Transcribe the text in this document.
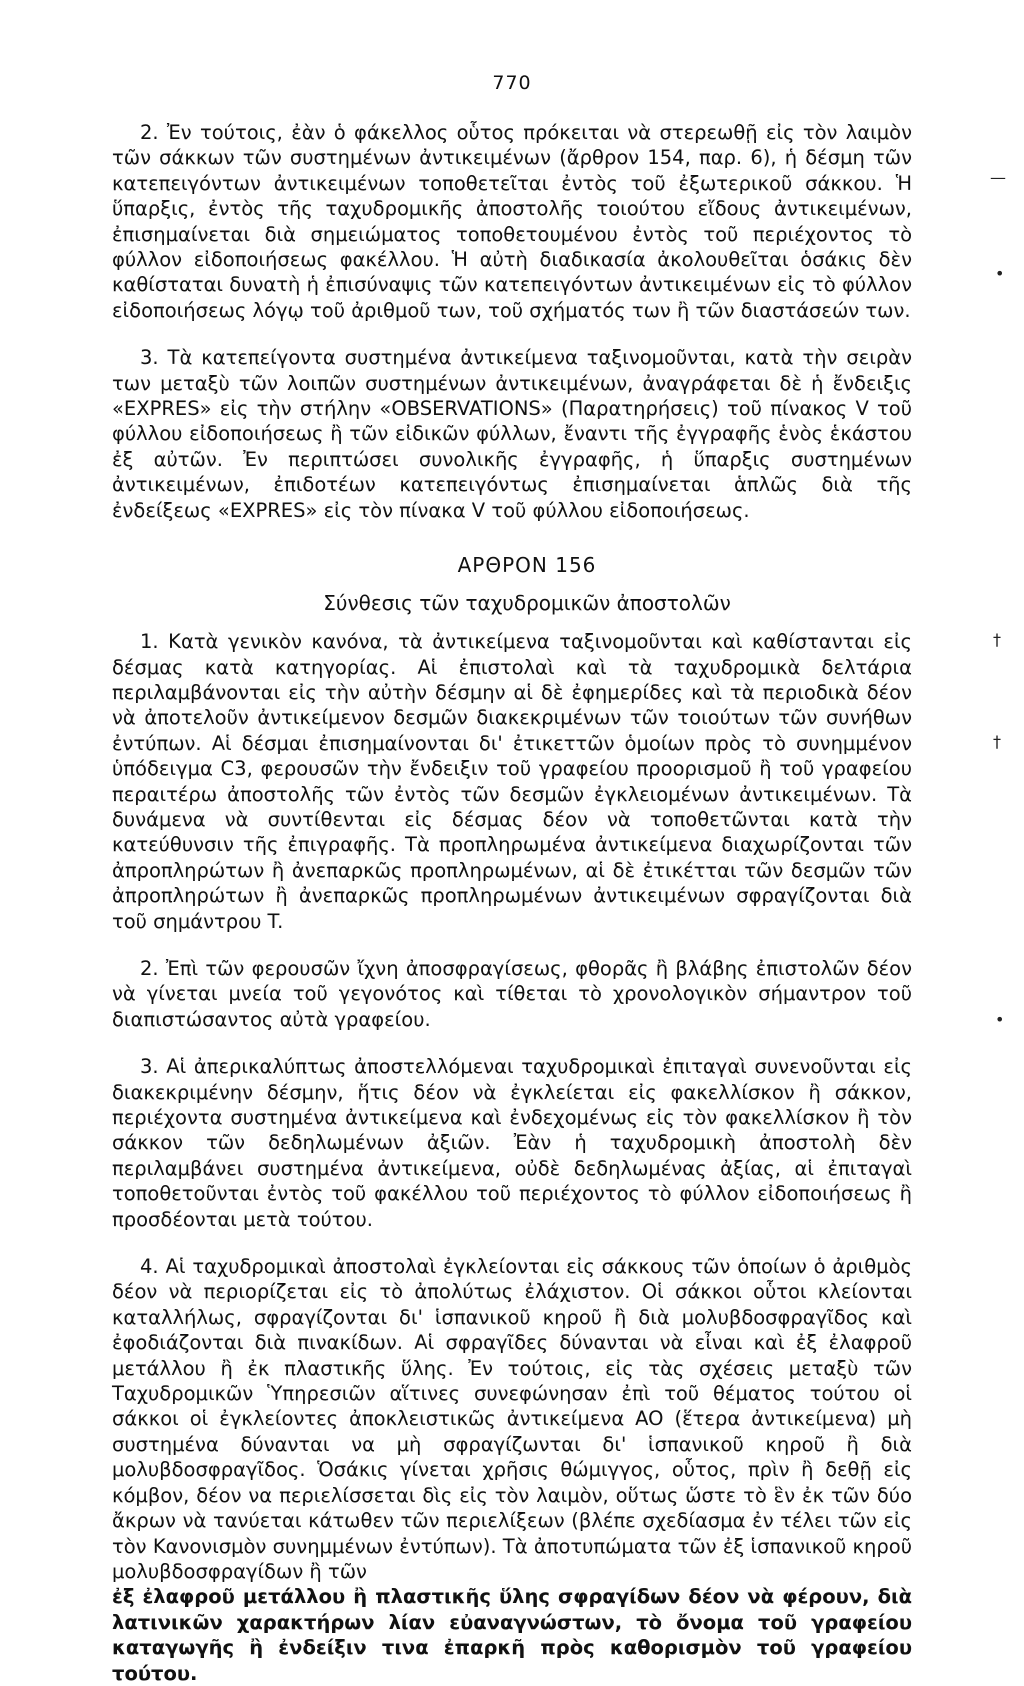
770

2. Ἐν τούτοις, ἐὰν ὁ φάκελλος οὗτος πρόκειται νὰ στερεωθῇ εἰς τὸν λαιμὸν τῶν σάκκων τῶν συστημένων ἀντικειμένων (ἄρθρον 154, παρ. 6), ἡ δέσμη τῶν κατεπειγόντων ἀντικειμένων τοποθετεῖται ἐντὸς τοῦ ἐξωτερικοῦ σάκκου. Ἡ ὕπαρξις, ἐντὸς τῆς ταχυδρομικῆς ἀποστολῆς τοιούτου εἴδους ἀντικειμένων, ἐπισημαίνεται διὰ σημειώματος τοποθετουμένου ἐντὸς τοῦ περιέχοντος τὸ φύλλον εἰδοποιήσεως φακέλλου. Ἡ αὐτὴ διαδικασία ἀκολουθεῖται ὁσάκις δὲν καθίσταται δυνατὴ ἡ ἐπισύναψις τῶν κατεπειγόντων ἀντικειμένων εἰς τὸ φύλλον εἰδοποιήσεως λόγῳ τοῦ ἀριθμοῦ των, τοῦ σχήματός των ἢ τῶν διαστάσεών των.

3. Τὰ κατεπείγοντα συστημένα ἀντικείμενα ταξινομοῦνται, κατὰ τὴν σειρὰν των μεταξὺ τῶν λοιπῶν συστημένων ἀντικειμένων, ἀναγράφεται δὲ ἡ ἔνδειξις «EXPRES» εἰς τὴν στήλην «OBSERVATIONS» (Παρατηρήσεις) τοῦ πίνακος V τοῦ φύλλου εἰδοποιήσεως ἢ τῶν εἰδικῶν φύλλων, ἔναντι τῆς ἐγγραφῆς ἑνὸς ἑκάστου ἐξ αὐτῶν. Ἐν περιπτώσει συνολικῆς ἐγγραφῆς, ἡ ὕπαρξις συστημένων ἀντικειμένων, ἐπιδοτέων κατεπειγόντως ἐπισημαίνεται ἁπλῶς διὰ τῆς ἐνδείξεως «EXPRES» εἰς τὸν πίνακα V τοῦ φύλλου εἰδοποιήσεως.

ΑΡΘΡΟΝ 156
Σύνθεσις τῶν ταχυδρομικῶν ἀποστολῶν

1. Κατὰ γενικὸν κανόνα, τὰ ἀντικείμενα ταξινομοῦνται καὶ καθίστανται εἰς δέσμας κατὰ κατηγορίας. Αἱ ἐπιστολαὶ καὶ τὰ ταχυδρομικὰ δελτάρια περιλαμβάνονται εἰς τὴν αὐτὴν δέσμην αἱ δὲ ἐφημερίδες καὶ τὰ περιοδικὰ δέον νὰ ἀποτελοῦν ἀντικείμενον δεσμῶν διακεκριμένων τῶν τοιούτων τῶν συνήθων ἐντύπων. Αἱ δέσμαι ἐπισημαίνονται δι' ἐτικεττῶν ὁμοίων πρὸς τὸ συνημμένον ὑπόδειγμα C3, φερουσῶν τὴν ἔνδειξιν τοῦ γραφείου προορισμοῦ ἢ τοῦ γραφείου περαιτέρω ἀποστολῆς τῶν ἐντὸς τῶν δεσμῶν ἐγκλειομένων ἀντικειμένων. Τὰ δυνάμενα νὰ συντίθενται εἰς δέσμας δέον νὰ τοποθετῶνται κατὰ τὴν κατεύθυνσιν τῆς ἐπιγραφῆς. Τὰ προπληρωμένα ἀντικείμενα διαχωρίζονται τῶν ἀπροπληρώτων ἢ ἀνεπαρκῶς προπληρωμένων, αἱ δὲ ἐτικέτται τῶν δεσμῶν τῶν ἀπροπληρώτων ἢ ἀνεπαρκῶς προπληρωμένων ἀντικειμένων σφραγίζονται διὰ τοῦ σημάντρου T.

2. Ἐπὶ τῶν φερουσῶν ἴχνη ἀποσφραγίσεως, φθορᾶς ἢ βλάβης ἐπιστολῶν δέον νὰ γίνεται μνεία τοῦ γεγονότος καὶ τίθεται τὸ χρονολογικὸν σήμαντρον τοῦ διαπιστώσαντος αὐτὰ γραφείου.

3. Αἱ ἀπερικαλύπτως ἀποστελλόμεναι ταχυδρομικαὶ ἐπιταγαὶ συνενοῦνται εἰς διακεκριμένην δέσμην, ἥτις δέον νὰ ἐγκλείεται εἰς φακελλίσκον ἢ σάκκον, περιέχοντα συστημένα ἀντικείμενα καὶ ἐνδεχομένως εἰς τὸν φακελλίσκον ἢ τὸν σάκκον τῶν δεδηλωμένων ἀξιῶν. Ἐὰν ἡ ταχυδρομικὴ ἀποστολὴ δὲν περιλαμβάνει συστημένα ἀντικείμενα, οὐδὲ δεδηλωμένας ἀξίας, αἱ ἐπιταγαὶ τοποθετοῦνται ἐντὸς τοῦ φακέλλου τοῦ περιέχοντος τὸ φύλλον εἰδοποιήσεως ἢ προσδέονται μετὰ τούτου.

4. Αἱ ταχυδρομικαὶ ἀποστολαὶ ἐγκλείονται εἰς σάκκους τῶν ὁποίων ὁ ἀριθμὸς δέον νὰ περιορίζεται εἰς τὸ ἀπολύτως ἐλάχιστον. Οἱ σάκκοι οὗτοι κλείονται καταλλήλως, σφραγίζονται δι' ἱσπανικοῦ κηροῦ ἢ διὰ μολυβδοσφραγῖδος καὶ ἐφοδιάζονται διὰ πινακίδων. Αἱ σφραγῖδες δύνανται νὰ εἶναι καὶ ἐξ ἐλαφροῦ μετάλλου ἢ ἐκ πλαστικῆς ὕλης. Ἐν τούτοις, εἰς τὰς σχέσεις μεταξὺ τῶν Ταχυδρομικῶν Ὑπηρεσιῶν αἵτινες συνεφώνησαν ἐπὶ τοῦ θέματος τούτου οἱ σάκκοι οἱ ἐγκλείοντες ἀποκλειστικῶς ἀντικείμενα AO (ἕτερα ἀντικείμενα) μὴ συστημένα δύνανται να μὴ σφραγίζωνται δι' ἱσπανικοῦ κηροῦ ἢ διὰ μολυβδοσφραγῖδος. Ὁσάκις γίνεται χρῆσις θώμιγγος, οὗτος, πρὶν ἢ δεθῇ εἰς κόμβον, δέον να περιελίσσεται δὶς εἰς τὸν λαιμὸν, οὕτως ὥστε τὸ ἓν ἐκ τῶν δύο ἄκρων νὰ τανύεται κάτωθεν τῶν περιελίξεων (βλέπε σχεδίασμα ἐν τέλει τῶν εἰς τὸν Κανονισμὸν συνημμένων ἐντύπων). Τὰ ἀποτυπώματα τῶν ἐξ ἱσπανικοῦ κηροῦ μολυβδοσφραγίδων ἢ τῶν

ἐξ ἐλαφροῦ μετάλλου ἢ πλαστικῆς ὕλης σφραγίδων δέον νὰ φέρουν, διὰ λατινικῶν χαρακτήρων λίαν εὐαναγνώστων, τὸ ὄνομα τοῦ γραφείου καταγωγῆς ἢ ἐνδείξιν τινα ἐπαρκῆ πρὸς καθορισμὸν τοῦ γραφείου τούτου.

—
•
†
†
•
